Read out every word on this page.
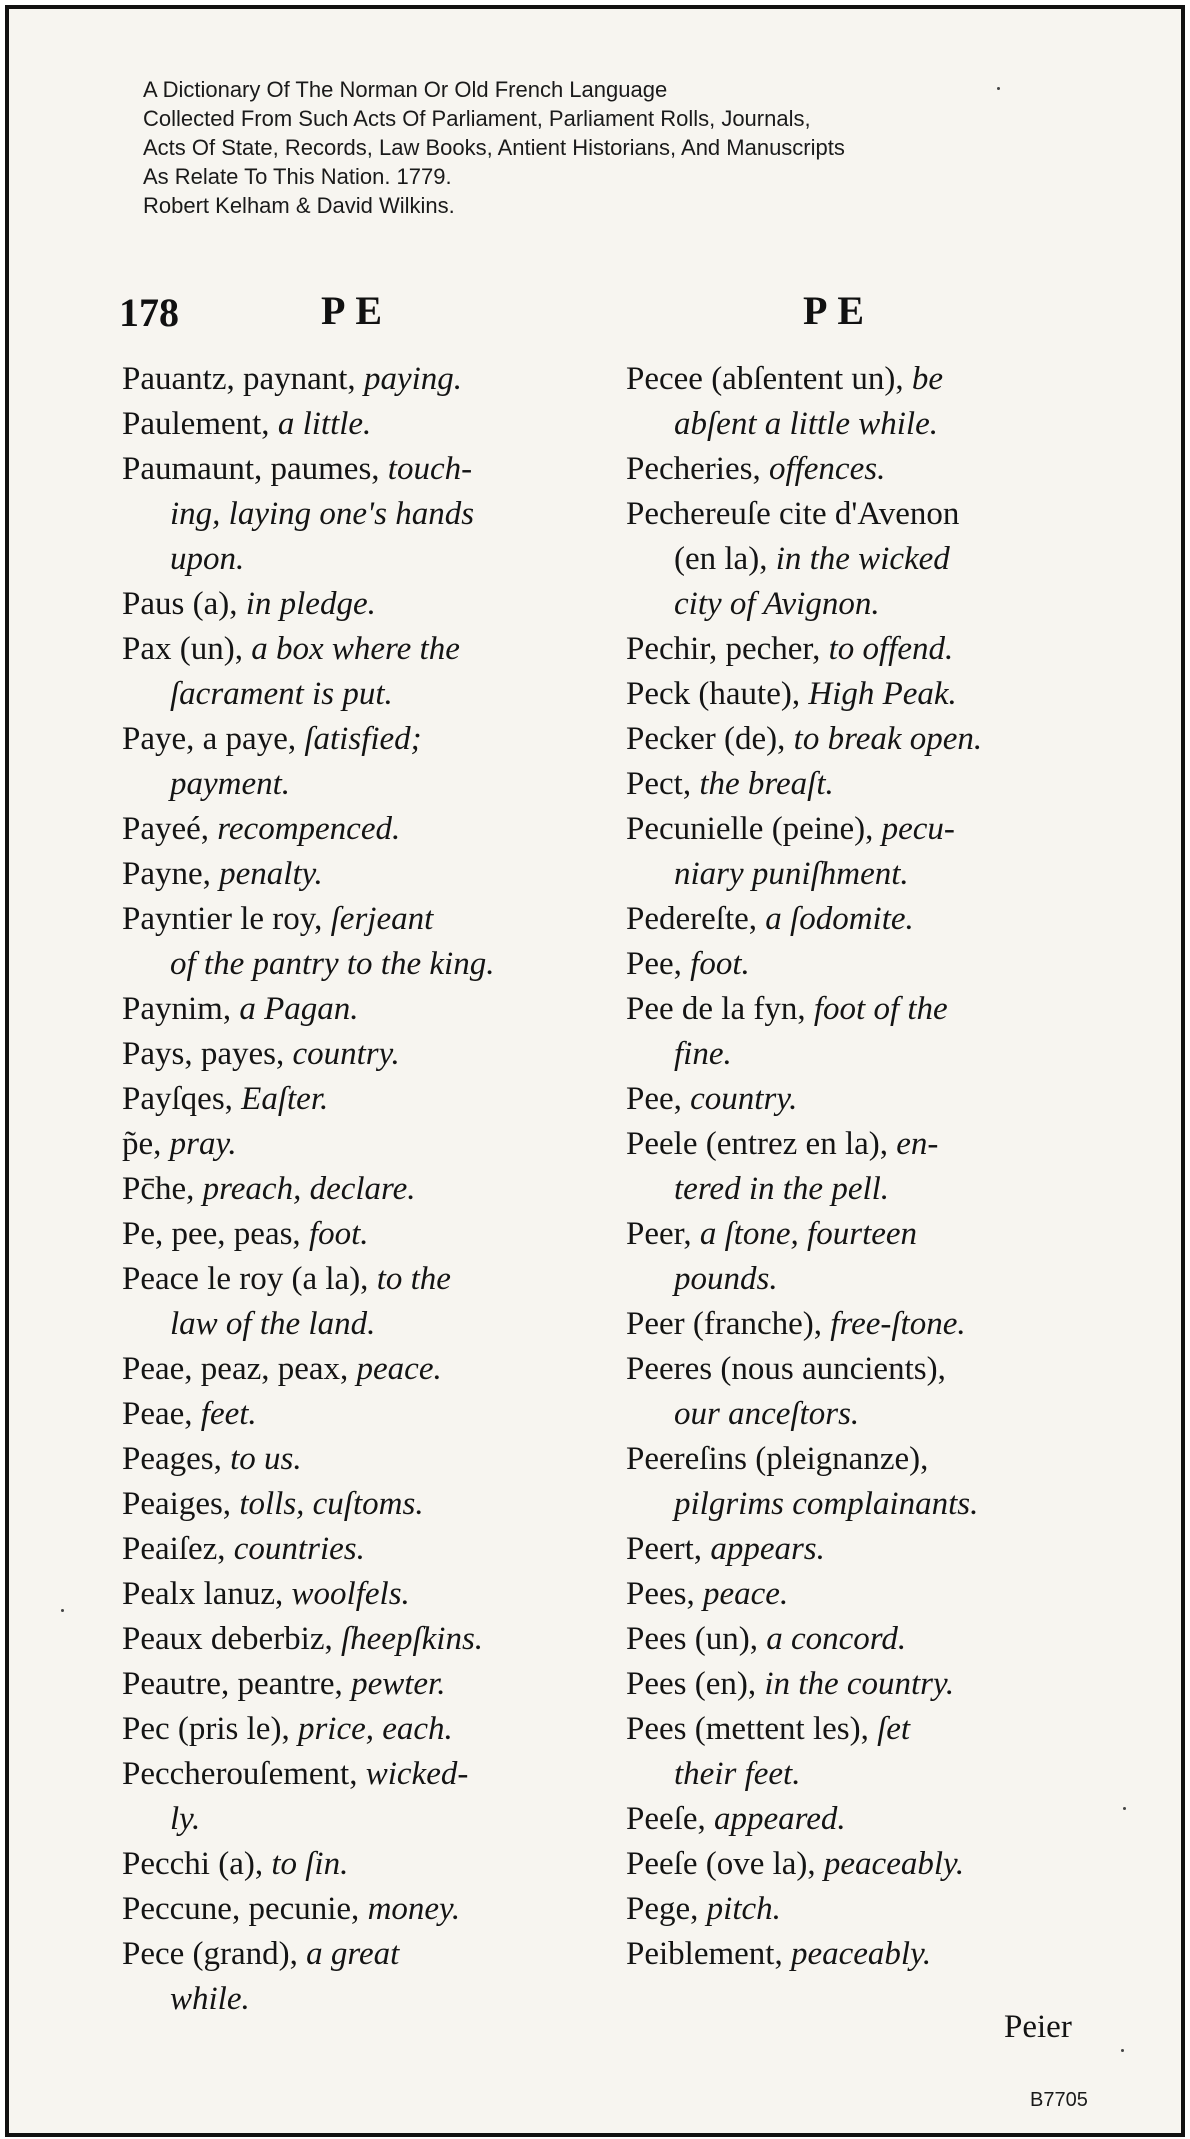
A Dictionary Of The Norman Or Old French Language
Collected From Such Acts Of Parliament, Parliament Rolls, Journals,
Acts Of State, Records, Law Books, Antient Historians, And Manuscripts
As Relate To This Nation. 1779.
Robert Kelham & David Wilkins.
178	PE	PE
Pauantz, paynant, paying.
Paulement, a little.
Paumaunt, paumes, touch-
ing, laying one's hands
upon.
Paus (a), in pledge.
Pax (un), a box where the
ſacrament is put.
Paye, a paye, ſatisfied;
payment.
Payeé, recompenced.
Payne, penalty.
Payntier le roy, ſerjeant
of the pantry to the king.
Paynim, a Pagan.
Pays, payes, country.
Payſqes, Eaſter.
p̃e, pray.
Pc̄he, preach, declare.
Pe, pee, peas, foot.
Peace le roy (a la), to the
law of the land.
Peae, peaz, peax, peace.
Peae, feet.
Peages, to us.
Peaiges, tolls, cuſtoms.
Peaiſez, countries.
Pealx lanuz, woolfels.
Peaux deberbiz, ſheepſkins.
Peautre, peantre, pewter.
Pec (pris le), price, each.
Peccherouſement, wicked-
ly.
Pecchi (a), to ſin.
Peccune, pecunie, money.
Pece (grand), a great
while.
Pecee (abſentent un), be
abſent a little while.
Pecheries, offences.
Pechereuſe cite d'Avenon
(en la), in the wicked
city of Avignon.
Pechir, pecher, to offend.
Peck (haute), High Peak.
Pecker (de), to break open.
Pect, the breaſt.
Pecunielle (peine), pecu-
niary puniſhment.
Pedereſte, a ſodomite.
Pee, foot.
Pee de la fyn, foot of the
fine.
Pee, country.
Peele (entrez en la), en-
tered in the pell.
Peer, a ſtone, fourteen
pounds.
Peer (franche), free-ſtone.
Peeres (nous auncients),
our anceſtors.
Peereſins (pleignanze),
pilgrims complainants.
Peert, appears.
Pees, peace.
Pees (un), a concord.
Pees (en), in the country.
Pees (mettent les), ſet
their feet.
Peeſe, appeared.
Peeſe (ove la), peaceably.
Pege, pitch.
Peiblement, peaceably.
Peier
B7705
